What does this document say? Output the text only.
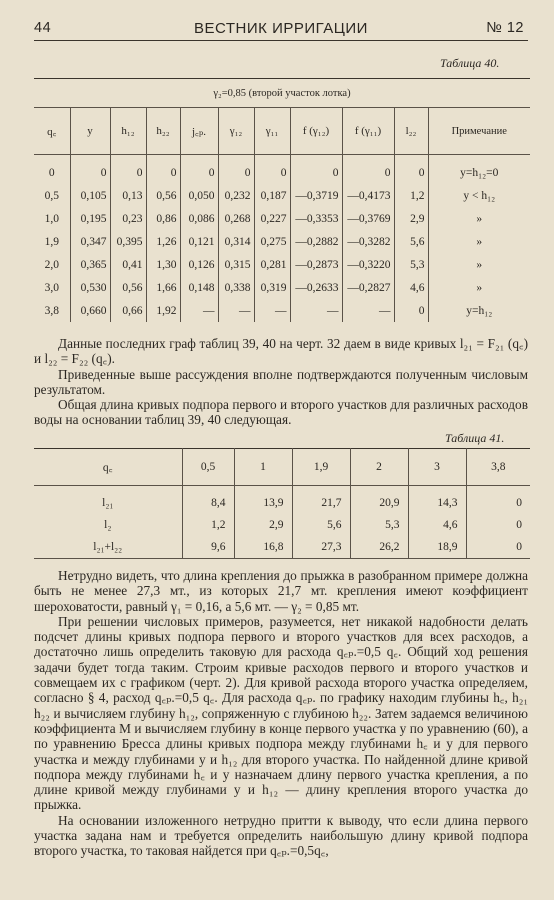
44	ВЕСТНИК ИРРИГАЦИИ	№ 12
Таблица 40.
γ₂=0,85 (второй участок лотка)										
q꜀	y	h₁₂	h₂₂	j꜀ₚ.	γ₁₂	γ₁₁	f (γ₁₂)	f (γ₁₁)	l₂₂	Примечание

0	0	0	0	0	0	0	0	0	0	y=h₁₂=0
0,5	0,105	0,13	0,56	0,050	0,232	0,187	—0,3719	—0,4173	1,2	y < h₁₂
1,0	0,195	0,23	0,86	0,086	0,268	0,227	—0,3353	—0,3769	2,9	»
1,9	0,347	0,395	1,26	0,121	0,314	0,275	—0,2882	—0,3282	5,6	»
2,0	0,365	0,41	1,30	0,126	0,315	0,281	—0,2873	—0,3220	5,3	»
3,0	0,530	0,56	1,66	0,148	0,338	0,319	—0,2633	—0,2827	4,6	»
3,8	0,660	0,66	1,92	—	—	—	—	—	0	y=h₁₂

Данные последних граф таблиц 39, 40 на черт. 32 даем в виде кривых l₂₁ = F₂₁ (q꜀) и l₂₂ = F₂₂ (q꜀).

Приведенные выше рассуждения вполне подтверждаются полученным числовым результатом.

Общая длина кривых подпора первого и второго участков для различных расходов воды на основании таблиц 39, 40 следующая.

Таблица 41.
q꜀	0,5	1	1,9	2	3	3,8

l₂₁	8,4	13,9	21,7	20,9	14,3	0
l₂	1,2	2,9	5,6	5,3	4,6	0
l₂₁+l₂₂	9,6	16,8	27,3	26,2	18,9	0

Нетрудно видеть, что длина крепления до прыжка в разобранном примере должна быть не менее 27,3 мт., из которых 21,7 мт. крепления имеют коэффициент шероховатости, равный γ₁ = 0,16, а 5,6 мт. — γ₂ = 0,85 мт.

При решении числовых примеров, разумеется, нет никакой надобности делать подсчет длины кривых подпора первого и второго участков для всех расходов, а достаточно лишь определить таковую для расхода q꜀ₚ.=0,5 q꜀. Общий ход решения задачи будет тогда таким. Строим кривые расходов первого и второго участков и совмещаем их с графиком (черт. 2). Для кривой расхода второго участка определяем, согласно § 4, расход q꜀ₚ.=0,5 q꜀. Для расхода q꜀ₚ. по графику находим глубины h꜀, h₂₁ h₂₂ и вычисляем глубину h₁₂, сопряженную с глубиною h₂₂. Затем задаемся величиною коэффициента M и вычисляем глубину в конце первого участка y по уравнению (60), а по уравнению Бресса длины кривых подпора между глубинами h꜀ и y для первого участка и между глубинами y и h₁₂ для второго участка. По найденной длине кривой подпора между глубинами h꜀ и y назначаем длину первого участка крепления, а по длине кривой между глубинами y и h₁₂ — длину крепления второго участка до прыжка.

На основании изложенного нетрудно притти к выводу, что если длина первого участка задана нам и требуется определить наибольшую длину кривой подпора второго участка, то таковая найдется при q꜀ₚ.=0,5q꜀,
